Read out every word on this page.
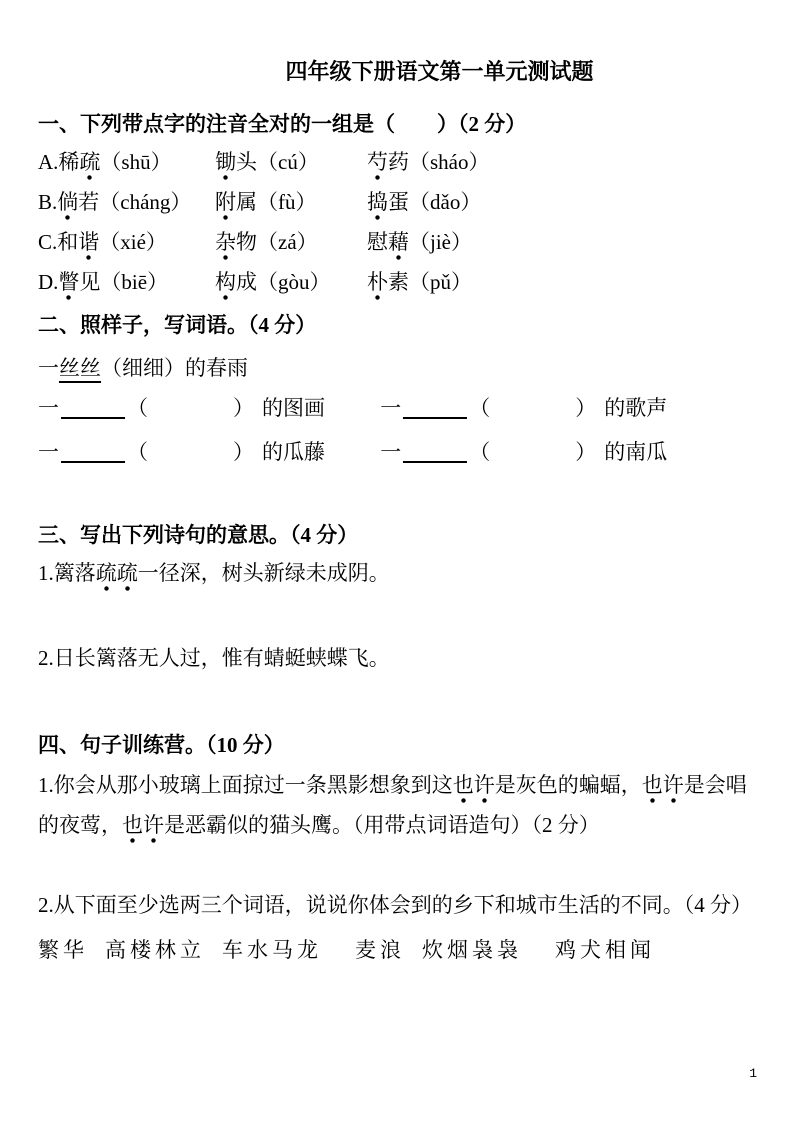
四年级下册语文第一单元测试题
一、下列带点字的注音全对的一组是（　　）（2 分）
A.稀疏（shū）	锄头（cú）	芍药（sháo）
B.倘若（cháng）	附属（fù）	捣蛋（dǎo）
C.和谐（xié）	杂物（zá）	慰藉（jiè）
D.瞥见（biē）	构成（gòu）	朴素（pǔ）
二、照样子，写词语。（4 分）
一丝丝（细细）的春雨
一	（	） 的图画	一	（	） 的歌声
一	（	） 的瓜藤	一	（	） 的南瓜
三、写出下列诗句的意思。（4 分）
1.篱落疏疏一径深，树头新绿未成阴。
2.日长篱落无人过，惟有蜻蜓蛱蝶飞。
四、句子训练营。（10 分）
1.你会从那小玻璃上面掠过一条黑影想象到这也许是灰色的蝙蝠，也许是会唱
的夜莺，也许是恶霸似的猫头鹰。（用带点词语造句）（2 分）
2.从下面至少选两三个词语，说说你体会到的乡下和城市生活的不同。（4 分）
繁华 高楼林立 车水马龙 麦浪 炊烟袅袅 鸡犬相闻
1
